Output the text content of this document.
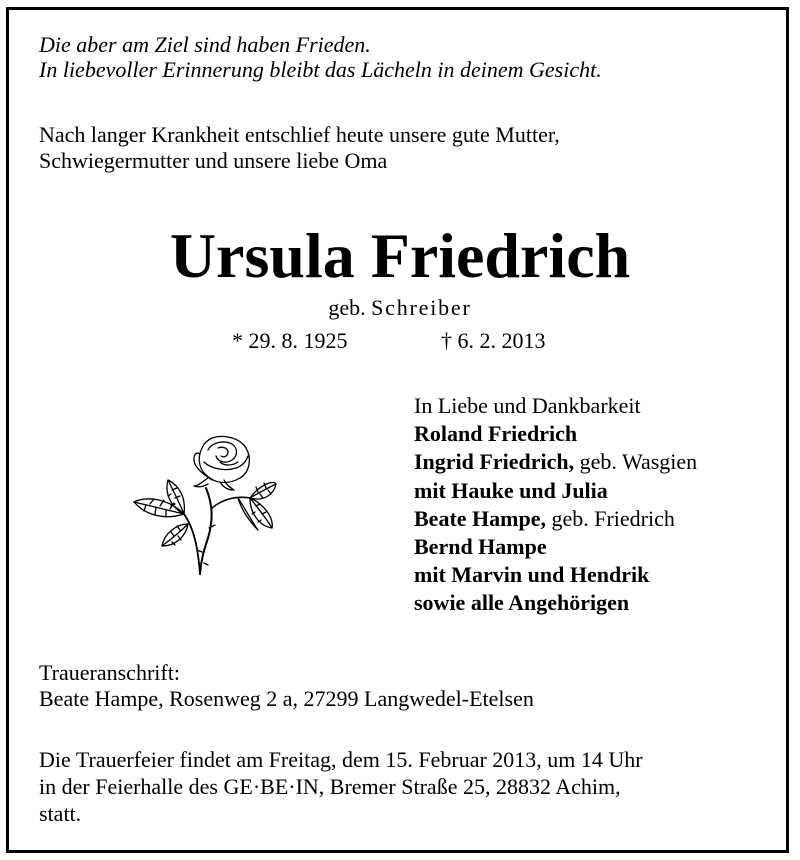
Die aber am Ziel sind haben Frieden.
In liebevoller Erinnerung bleibt das Lächeln in deinem Gesicht.
Nach langer Krankheit entschlief heute unsere gute Mutter,
Schwiegermutter und unsere liebe Oma
Ursula Friedrich
geb. Schreiber
* 29. 8. 1925	† 6. 2. 2013
In Liebe und Dankbarkeit
Roland Friedrich
Ingrid Friedrich, geb. Wasgien
mit Hauke und Julia
Beate Hampe, geb. Friedrich
Bernd Hampe
mit Marvin und Hendrik
sowie alle Angehörigen
Traueranschrift:
Beate Hampe, Rosenweg 2 a, 27299 Langwedel-Etelsen
Die Trauerfeier findet am Freitag, dem 15. Februar 2013, um 14 Uhr
in der Feierhalle des GE·BE·IN, Bremer Straße 25, 28832 Achim,
statt.
